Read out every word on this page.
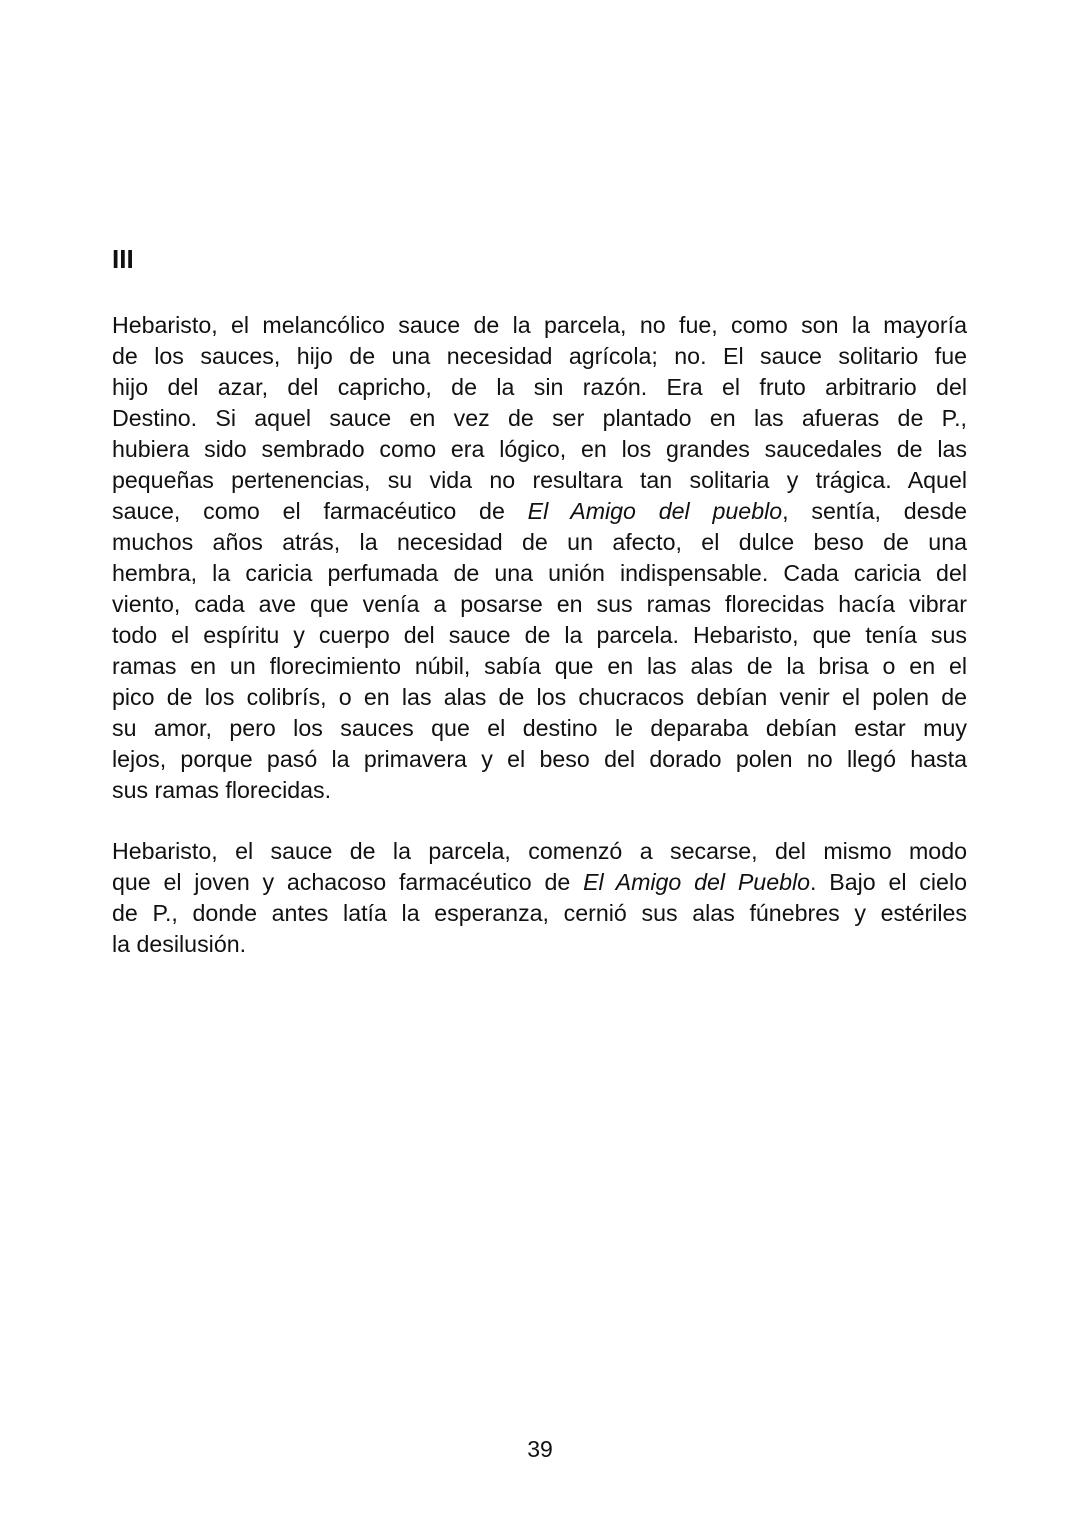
III
Hebaristo, el melancólico sauce de la parcela, no fue, como son la mayoría
de los sauces, hijo de una necesidad agrícola; no. El sauce solitario fue
hijo del azar, del capricho, de la sin razón. Era el fruto arbitrario del
Destino. Si aquel sauce en vez de ser plantado en las afueras de P.,
hubiera sido sembrado como era lógico, en los grandes saucedales de las
pequeñas pertenencias, su vida no resultara tan solitaria y trágica. Aquel
sauce, como el farmacéutico de El Amigo del pueblo, sentía, desde
muchos años atrás, la necesidad de un afecto, el dulce beso de una
hembra, la caricia perfumada de una unión indispensable. Cada caricia del
viento, cada ave que venía a posarse en sus ramas florecidas hacía vibrar
todo el espíritu y cuerpo del sauce de la parcela. Hebaristo, que tenía sus
ramas en un florecimiento núbil, sabía que en las alas de la brisa o en el
pico de los colibrís, o en las alas de los chucracos debían venir el polen de
su amor, pero los sauces que el destino le deparaba debían estar muy
lejos, porque pasó la primavera y el beso del dorado polen no llegó hasta
sus ramas florecidas.
Hebaristo, el sauce de la parcela, comenzó a secarse, del mismo modo
que el joven y achacoso farmacéutico de El Amigo del Pueblo. Bajo el cielo
de P., donde antes latía la esperanza, cernió sus alas fúnebres y estériles
la desilusión.
39
